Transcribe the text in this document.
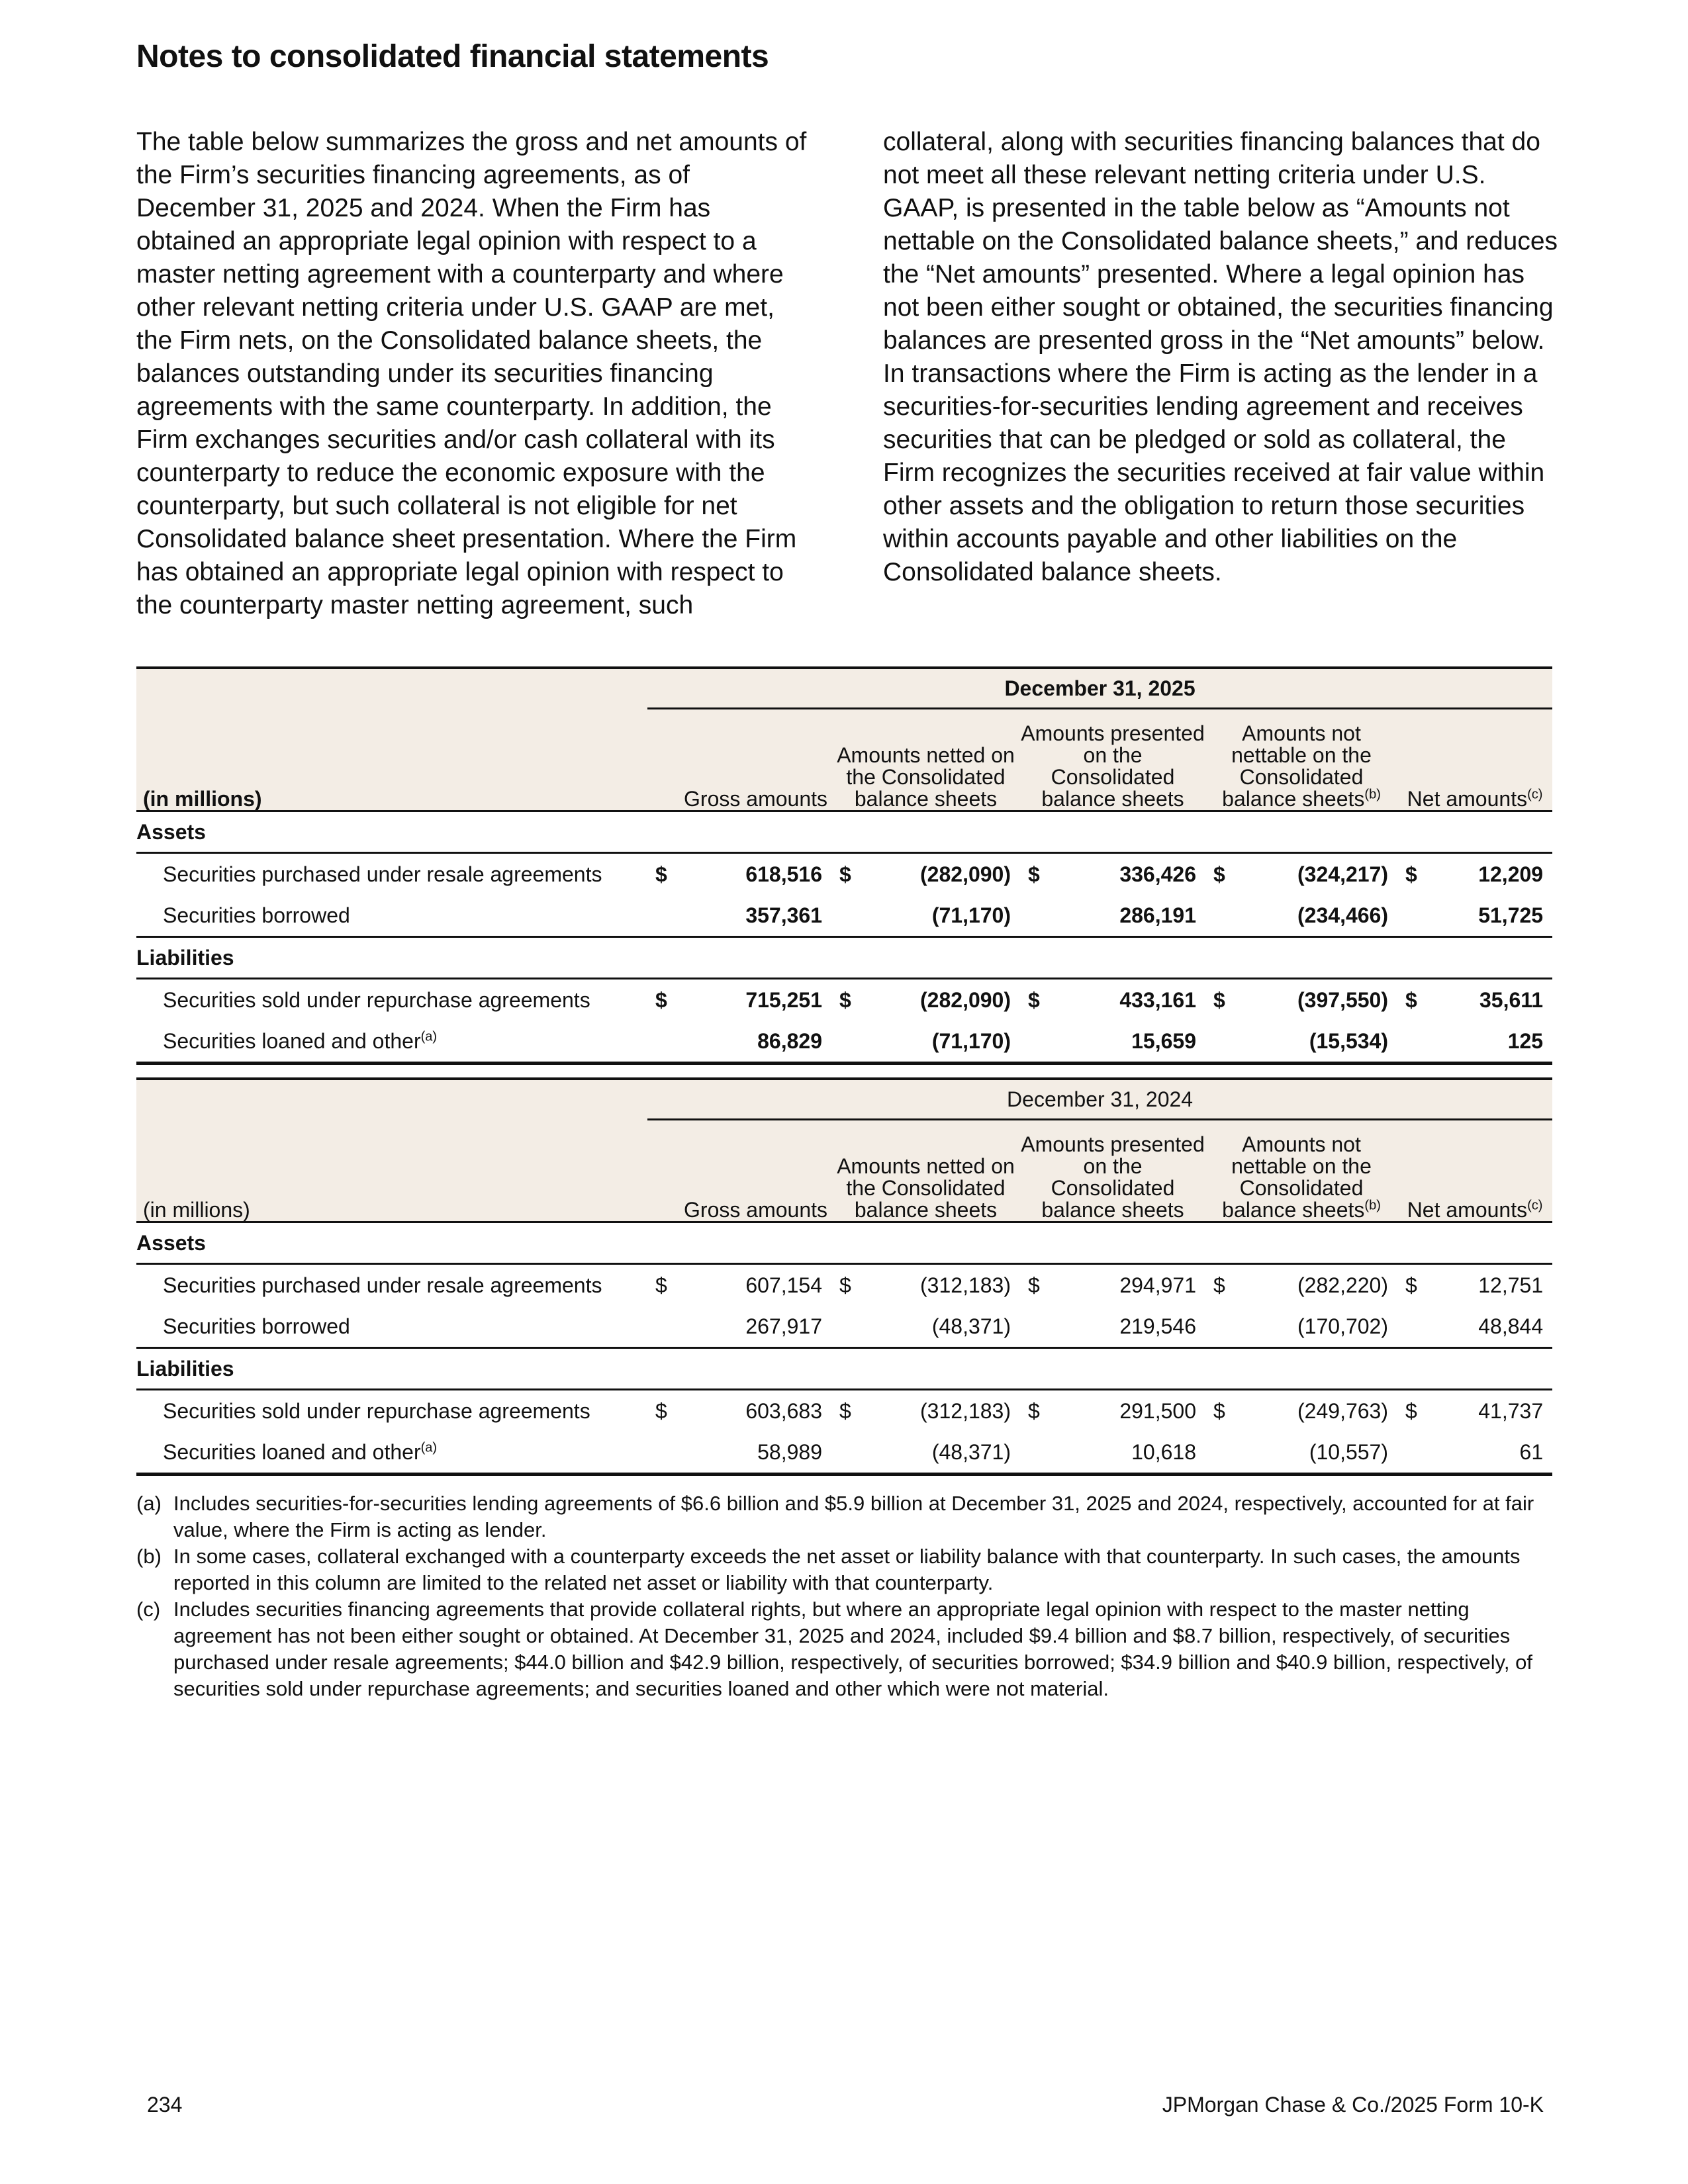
Notes to consolidated financial statements
The table below summarizes the gross and net amounts of the Firm’s securities financing agreements, as of December 31, 2025 and 2024. When the Firm has obtained an appropriate legal opinion with respect to a master netting agreement with a counterparty and where other relevant netting criteria under U.S. GAAP are met, the Firm nets, on the Consolidated balance sheets, the balances outstanding under its securities financing agreements with the same counterparty. In addition, the Firm exchanges securities and/or cash collateral with its counterparty to reduce the economic exposure with the counterparty, but such collateral is not eligible for net Consolidated balance sheet presentation. Where the Firm has obtained an appropriate legal opinion with respect to the counterparty master netting agreement, such
collateral, along with securities financing balances that do not meet all these relevant netting criteria under U.S. GAAP, is presented in the table below as “Amounts not nettable on the Consolidated balance sheets,” and reduces the “Net amounts” presented. Where a legal opinion has not been either sought or obtained, the securities financing balances are presented gross in the “Net amounts” below. In transactions where the Firm is acting as the lender in a securities-for-securities lending agreement and receives securities that can be pledged or sold as collateral, the Firm recognizes the securities received at fair value within other assets and the obligation to return those securities within accounts payable and other liabilities on the Consolidated balance sheets.
	December 31, 2025									
(in millions)	Gross amounts		Amounts netted on the Consolidated balance sheets		Amounts presented on the Consolidated balance sheets		Amounts not nettable on the Consolidated balance sheets$^{(b)}$		Net amounts$^{(c)}$
Assets										
Securities purchased under resale agreements	$	618,516	$	(282,090)	$	336,426	$	(324,217)	$	12,209
Securities borrowed		357,361		(71,170)		286,191		(234,466)		51,725
Liabilities										
Securities sold under repurchase agreements	$	715,251	$	(282,090)	$	433,161	$	(397,550)	$	35,611
Securities loaned and other$^{(a)}$		86,829		(71,170)		15,659		(15,534)		125
	December 31, 2024									
(in millions)	Gross amounts		Amounts netted on the Consolidated balance sheets		Amounts presented on the Consolidated balance sheets		Amounts not nettable on the Consolidated balance sheets$^{(b)}$		Net amounts$^{(c)}$
Assets										
Securities purchased under resale agreements	$	607,154	$	(312,183)	$	294,971	$	(282,220)	$	12,751
Securities borrowed		267,917		(48,371)		219,546		(170,702)		48,844
Liabilities										
Securities sold under repurchase agreements	$	603,683	$	(312,183)	$	291,500	$	(249,763)	$	41,737
Securities loaned and other$^{(a)}$		58,989		(48,371)		10,618		(10,557)		61
(a) Includes securities-for-securities lending agreements of $6.6 billion and $5.9 billion at December 31, 2025 and 2024, respectively, accounted for at fair value, where the Firm is acting as lender.
(b) In some cases, collateral exchanged with a counterparty exceeds the net asset or liability balance with that counterparty. In such cases, the amounts reported in this column are limited to the related net asset or liability with that counterparty.
(c) Includes securities financing agreements that provide collateral rights, but where an appropriate legal opinion with respect to the master netting agreement has not been either sought or obtained. At December 31, 2025 and 2024, included $9.4 billion and $8.7 billion, respectively, of securities purchased under resale agreements; $44.0 billion and $42.9 billion, respectively, of securities borrowed; $34.9 billion and $40.9 billion, respectively, of securities sold under repurchase agreements; and securities loaned and other which were not material.
234	JPMorgan Chase & Co./2025 Form 10-K
